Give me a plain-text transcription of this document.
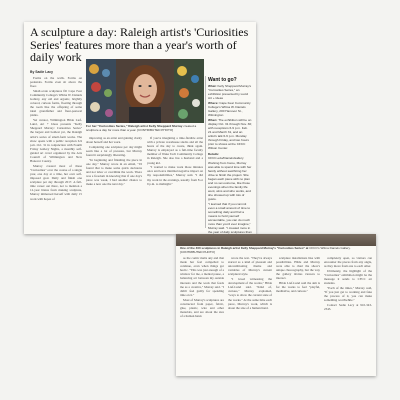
A sculpture a day: Raleigh artist's 'Curiosities Series' features more than a year's worth of daily work
By Sadie Lacy

Forms on the walls. Forms on pedestals. Forms even sit above the floor.

Small-scale sculptures fill Cape Fear Community College's Wilma W. Daniels Gallery, any old and organic, brightly colored, curious forms, floating through the room like the offspring of some ideal grandfather and fleur-pastoral plants.

Yet curator, Wilmington Hilde Lief-Lund, Art + Ideas presents "Kelly Sheppard Murray: Curiosities Series" the largest and boldest yet, the Raleigh artist's series of small-form works. The show opens with a public reception 6-9 p.m. Oct. 31 in conjunction with Fourth Friday Gallery Nights, a monthly self-guided art crawl organized by the Arts Council of Wilmington and New Hanover County.

Murray created most of these "Curiosities" over the course of a single year, one day at a time, her own self-imposed goal. Daily and finish one sculpture per day through 2017. A full-time career out there, not to mention a 12-year hiatus from making sculpture, Murray immersed herself with daily 15 work with hopes of

For her "Curiosities Series," Raleigh artist Kelly Sheppard Murray created a sculpture a day for more than a year. [CONTRIBUTED PHOTO]

improving as an artist and gaining clarity about herself and her work.

Completing one sculpture per day might seem like a lot of pressure, but Murray found it surprisingly liberating.

"In beginning and finishing the piece in one day," Murray wrote in an email, "I'd found that to make some quick decisions and not labor or overthink the work. There was a freedom in knowing that if one day's piece was weak, I had another chance to make a new one the next day."

If you're imagining a time-flexible artist with a private warehouse studio and all the hours of the day to create, think again. Murray is employed as a full-time faculty member of Wake Tech Community College in Raleigh. She also has a husband and a young kid.

"I wanted to make work those minutes once and leave minimal negative impact on my responsibilities," Murray said. "I did my work in the evenings, usually from 8 or 9 p.m. to midnight."

Want to go?

What: Kelly Sheppard Murray's "Curiosities Series," an exhibition presented by Lucid Art + Ideas

Where: Cape Fear Community College's Wilma W. Daniels Gallery, 200 Hanover St., Wilmington

When: The exhibition will be on display Oct. 31 through Nov. 30; with receptions 6-9 p.m. Feb. 21 and March 31, and an artist's talk 6-9 p.m. Monday through Friday, and two hours prior to shows at the CFCC Wilson Center.

Details: CFCC.edu/DanielsGallery

Working from home, Murray was able to spend time with her family without sacrificing her drive to finish the project. She began each piece with no plan and no set outcome, like those evenings when the family life went, wins and who works, and she showed up with lots of gusto.

"I learned that if you commit even a small amount of time to something daily and find a means to hold yourself accountable, you can do much more than you'd ever imagine," Murray said. "I created more in the year of daily sculptures than

One of the 400 sculptures in Raleigh artist Kelly Sheppard Murray's "Curiosities Series" at CFCC's Wilma Daniels Gallery. [CONTRIBUTED PHOTO]

as the comic melts any and that made her feel compelled to continue, even when things got hectic. "This was just enough of a window for me, a mental pause, a balancing act between my outside interests and the work that feeds me as a creative," Murray said. "I didn't feel guilty for spending time on it."

Most of Murray's sculptures are constructed from paper, fabric, glue, plastic, wire and other materials, and are about the size of a human hand.

wrote the text. "They've always started as a kind of pleasant and unconditioning theme and variables of Murray's current sculptural style.

"I loved witnessing the development of the works," Hilde Lief-Lund said. "Kind of, curious," Murray explained, "ways to show the current state of the works." At the same time each piece, Murray's work, which is about the size of a human hand.

sculpture installations like with possibilities. Hilde and Murray were able to chart the show's unique choreography, but the way the gallery invites viewers to interact.

Hilde Lief-Lund said the aim is for the works to feel "playful, meditative, and curious."

completely open, so visitors can encounter the pieces from any angle, as they move from one to each other.

Ultimately, the highlight of the "Curiosities" exhibition might be the message it sends to CFCC art students.

"Each of the times," Murray said, "If you just get to working and fake the process of it, you can make something worthwhile."

Contact Sadie Lacy at 910-343-2343.
